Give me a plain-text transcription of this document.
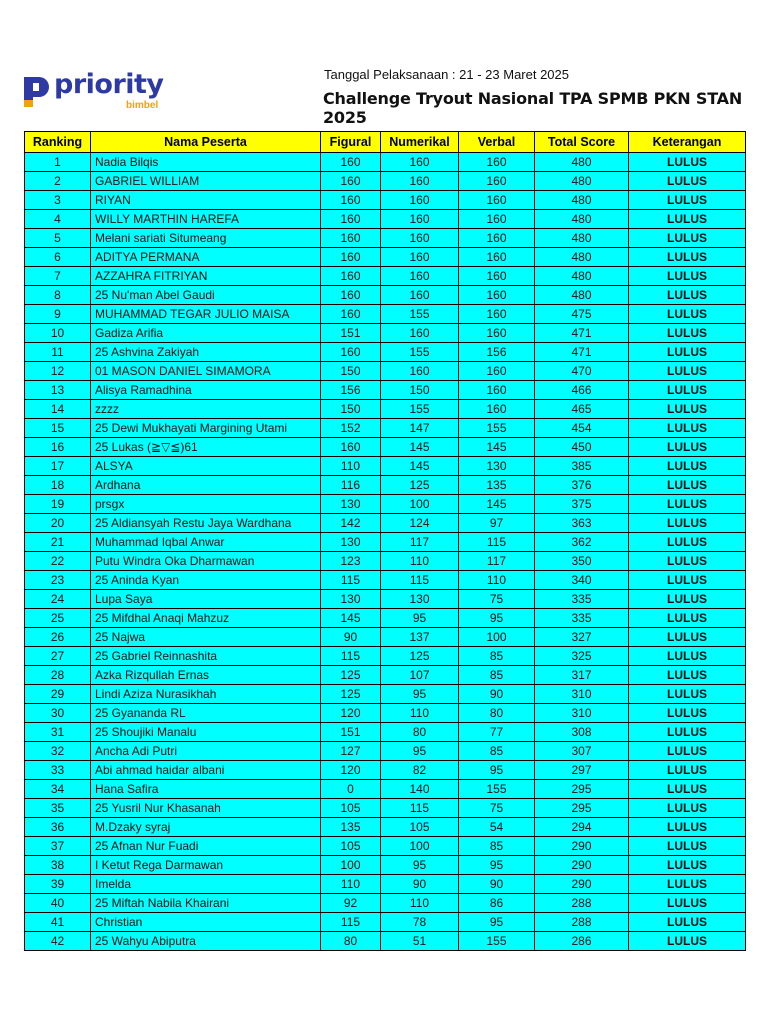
priority
bimbel
Tanggal Pelaksanaan : 21 - 23 Maret 2025
Challenge Tryout Nasional TPA SPMB PKN STAN 2025
Ranking	Nama Peserta	Figural	Numerikal	Verbal	Total Score	Keterangan
1	Nadia Bilqis	160	160	160	480	LULUS
2	GABRIEL WILLIAM	160	160	160	480	LULUS
3	RIYAN	160	160	160	480	LULUS
4	WILLY MARTHIN HAREFA	160	160	160	480	LULUS
5	Melani sariati Situmeang	160	160	160	480	LULUS
6	ADITYA PERMANA	160	160	160	480	LULUS
7	AZZAHRA FITRIYAN	160	160	160	480	LULUS
8	25 Nu'man Abel Gaudi	160	160	160	480	LULUS
9	MUHAMMAD TEGAR JULIO MAISA	160	155	160	475	LULUS
10	Gadiza Arifia	151	160	160	471	LULUS
11	25 Ashvina Zakiyah	160	155	156	471	LULUS
12	01 MASON DANIEL SIMAMORA	150	160	160	470	LULUS
13	Alisya Ramadhina	156	150	160	466	LULUS
14	zzzz	150	155	160	465	LULUS
15	25 Dewi Mukhayati Margining Utami	152	147	155	454	LULUS
16	25 Lukas (≧▽≦)61	160	145	145	450	LULUS
17	ALSYA	110	145	130	385	LULUS
18	Ardhana	116	125	135	376	LULUS
19	prsgx	130	100	145	375	LULUS
20	25 Aldiansyah Restu Jaya Wardhana	142	124	97	363	LULUS
21	Muhammad Iqbal Anwar	130	117	115	362	LULUS
22	Putu Windra Oka Dharmawan	123	110	117	350	LULUS
23	25 Aninda Kyan	115	115	110	340	LULUS
24	Lupa Saya	130	130	75	335	LULUS
25	25 Mifdhal Anaqi Mahzuz	145	95	95	335	LULUS
26	25 Najwa	90	137	100	327	LULUS
27	25 Gabriel Reinnashita	115	125	85	325	LULUS
28	Azka Rizqullah Ernas	125	107	85	317	LULUS
29	Lindi Aziza Nurasikhah	125	95	90	310	LULUS
30	25 Gyananda RL	120	110	80	310	LULUS
31	25 Shoujiki Manalu	151	80	77	308	LULUS
32	Ancha Adi Putri	127	95	85	307	LULUS
33	Abi ahmad haidar albani	120	82	95	297	LULUS
34	Hana Safira	0	140	155	295	LULUS
35	25 Yusril Nur Khasanah	105	115	75	295	LULUS
36	M.Dzaky syraj	135	105	54	294	LULUS
37	25 Afnan Nur Fuadi	105	100	85	290	LULUS
38	I Ketut Rega Darmawan	100	95	95	290	LULUS
39	Imelda	110	90	90	290	LULUS
40	25 Miftah Nabila Khairani	92	110	86	288	LULUS
41	Christian	115	78	95	288	LULUS
42	25 Wahyu Abiputra	80	51	155	286	LULUS
